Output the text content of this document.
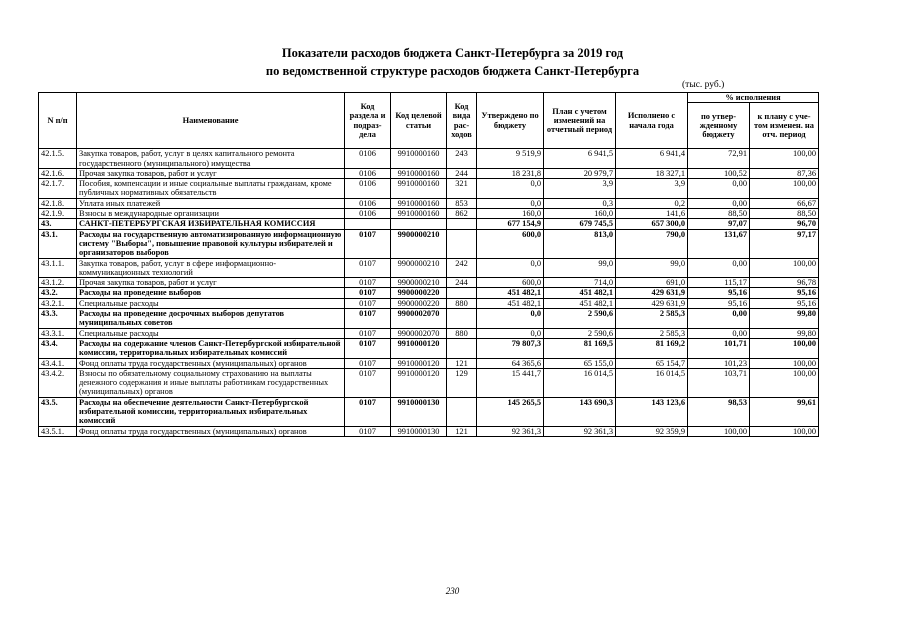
Показатели расходов бюджета Санкт-Петербурга за 2019 год
по ведомственной структуре расходов бюджета Санкт-Петербурга
(тыс. руб.)
N п/п	Наименование	Код раздела и подраз-дела	Код целевой статьи	Код вида рас-ходов	Утверждено по бюджету	План с учетом изменений на отчетный период	Исполнено с начала года	% исполнения	
								по утвер-жденному бюджету	к плану с уче-том изменен. на отч. период
42.1.5.	Закупка товаров, работ, услуг в целях капитального ремонта государственного (муниципального) имущества	0106	9910000160	243	9 519,9	6 941,5	6 941,4	72,91	100,00
42.1.6.	Прочая закупка товаров, работ и услуг	0106	9910000160	244	18 231,8	20 979,7	18 327,1	100,52	87,36
42.1.7.	Пособия, компенсации и иные социальные выплаты гражданам, кроме публичных нормативных обязательств	0106	9910000160	321	0,0	3,9	3,9	0,00	100,00
42.1.8.	Уплата иных платежей	0106	9910000160	853	0,0	0,3	0,2	0,00	66,67
42.1.9.	Взносы в международные организации	0106	9910000160	862	160,0	160,0	141,6	88,50	88,50
43.	САНКТ-ПЕТЕРБУРГСКАЯ ИЗБИРАТЕЛЬНАЯ КОМИССИЯ				677 154,9	679 745,5	657 300,0	97,07	96,70
43.1.	Расходы на государственную автоматизированную информационную систему "Выборы", повышение правовой культуры избирателей и организаторов выборов	0107	9900000210		600,0	813,0	790,0	131,67	97,17
43.1.1.	Закупка товаров, работ, услуг в сфере информационно-коммуникационных технологий	0107	9900000210	242	0,0	99,0	99,0	0,00	100,00
43.1.2.	Прочая закупка товаров, работ и услуг	0107	9900000210	244	600,0	714,0	691,0	115,17	96,78
43.2.	Расходы на проведение выборов	0107	9900000220		451 482,1	451 482,1	429 631,9	95,16	95,16
43.2.1.	Специальные расходы	0107	9900000220	880	451 482,1	451 482,1	429 631,9	95,16	95,16
43.3.	Расходы на проведение досрочных выборов депутатов муниципальных советов	0107	9900002070		0,0	2 590,6	2 585,3	0,00	99,80
43.3.1.	Специальные расходы	0107	9900002070	880	0,0	2 590,6	2 585,3	0,00	99,80
43.4.	Расходы на содержание членов Санкт-Петербургской избирательной комиссии, территориальных избирательных комиссий	0107	9910000120		79 807,3	81 169,5	81 169,2	101,71	100,00
43.4.1.	Фонд оплаты труда государственных (муниципальных) органов	0107	9910000120	121	64 365,6	65 155,0	65 154,7	101,23	100,00
43.4.2.	Взносы по обязательному социальному страхованию на выплаты денежного содержания и иные выплаты работникам государственных (муниципальных) органов	0107	9910000120	129	15 441,7	16 014,5	16 014,5	103,71	100,00
43.5.	Расходы на обеспечение деятельности Санкт-Петербургской избирательной комиссии, территориальных избирательных комиссий	0107	9910000130		145 265,5	143 690,3	143 123,6	98,53	99,61
43.5.1.	Фонд оплаты труда государственных (муниципальных) органов	0107	9910000130	121	92 361,3	92 361,3	92 359,9	100,00	100,00
230
